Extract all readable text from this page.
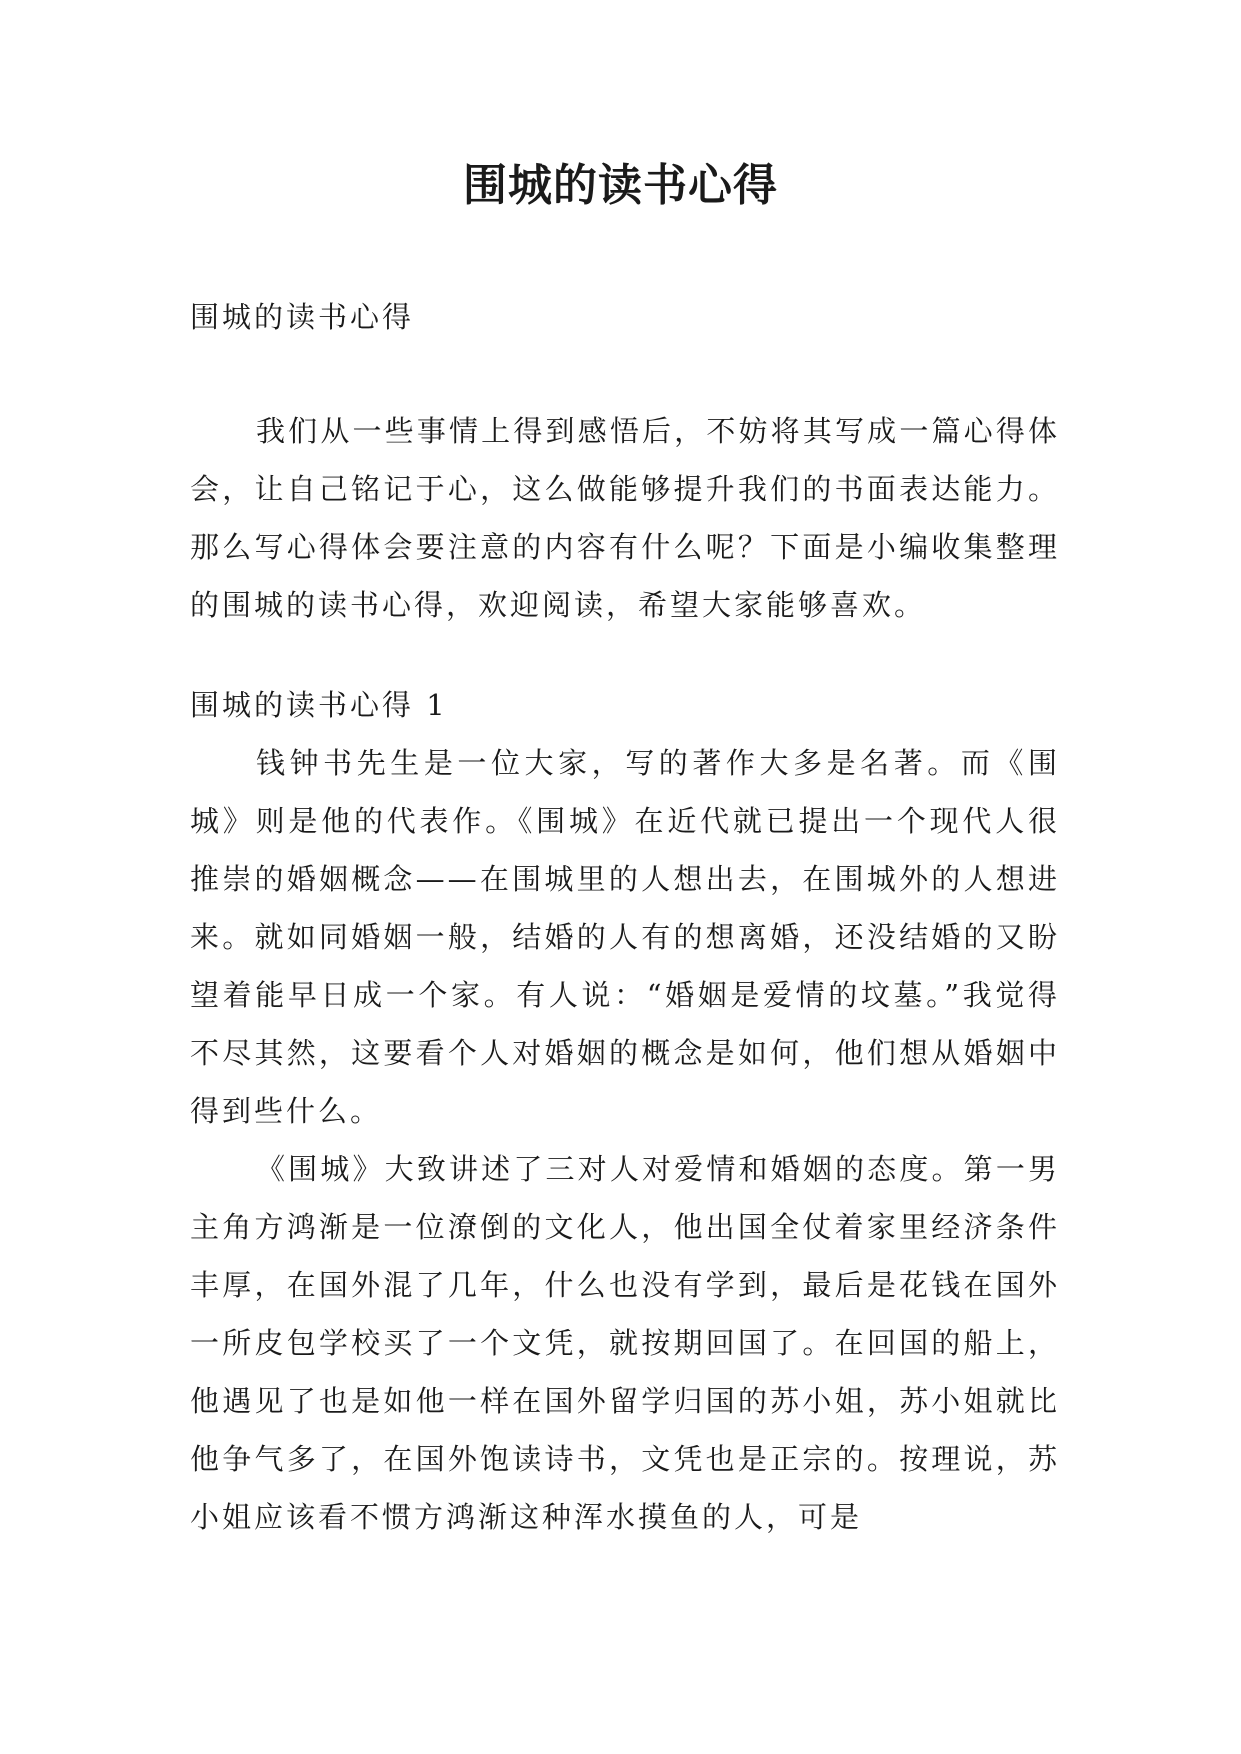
围城的读书心得

围城的读书心得

我们从一些事情上得到感悟后，不妨将其写成一篇心得体会，让自己铭记于心，这么做能够提升我们的书面表达能力。那么写心得体会要注意的内容有什么呢？下面是小编收集整理的围城的读书心得，欢迎阅读，希望大家能够喜欢。

围城的读书心得 1

钱钟书先生是一位大家，写的著作大多是名著。而《围城》则是他的代表作。《围城》在近代就已提出一个现代人很推崇的婚姻概念——在围城里的人想出去，在围城外的人想进来。就如同婚姻一般，结婚的人有的想离婚，还没结婚的又盼望着能早日成一个家。有人说：“婚姻是爱情的坟墓。”我觉得不尽其然，这要看个人对婚姻的概念是如何，他们想从婚姻中得到些什么。

《围城》大致讲述了三对人对爱情和婚姻的态度。第一男主角方鸿渐是一位潦倒的文化人，他出国全仗着家里经济条件丰厚，在国外混了几年，什么也没有学到，最后是花钱在国外一所皮包学校买了一个文凭，就按期回国了。在回国的船上，他遇见了也是如他一样在国外留学归国的苏小姐，苏小姐就比他争气多了，在国外饱读诗书，文凭也是正宗的。按理说，苏小姐应该看不惯方鸿渐这种浑水摸鱼的人，可是
